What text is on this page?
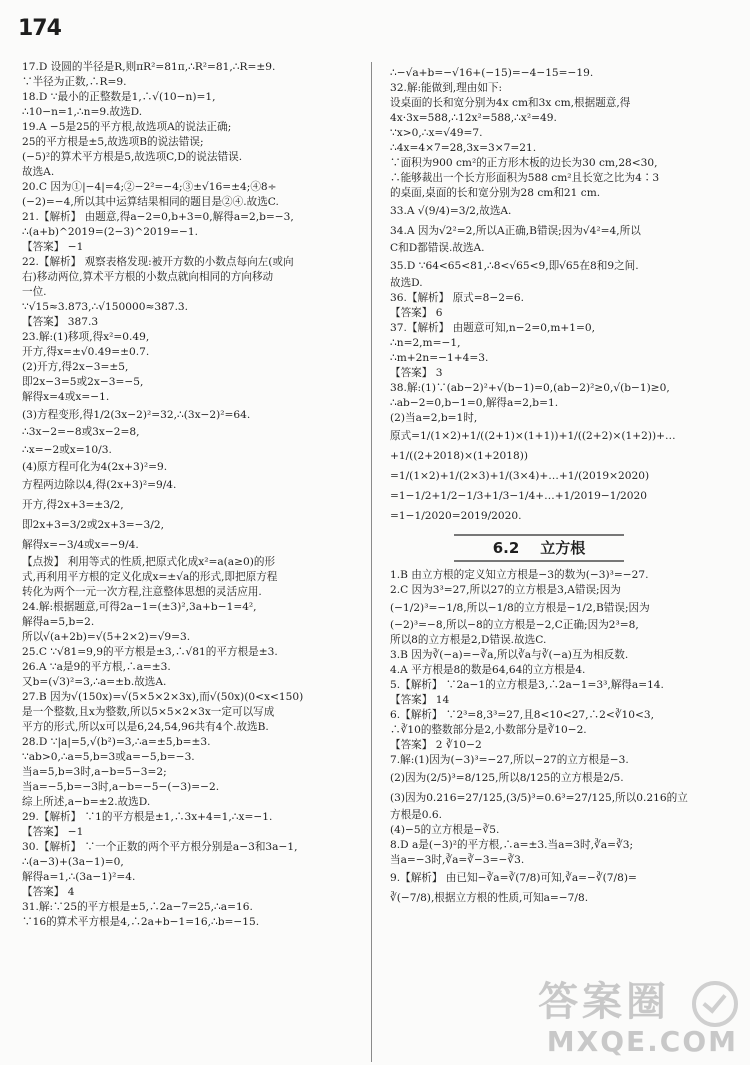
174
17.D 设圆的半径是R,则πR²=81π,∴R²=81,∴R=±9.
∵半径为正数,∴R=9.
18.D ∵最小的正整数是1,∴√(10−n)=1,
∴10−n=1,∴n=9.故选D.
19.A −5是25的平方根,故选项A的说法正确;
25的平方根是±5,故选项B的说法错误;
(−5)²的算术平方根是5,故选项C,D的说法错误.
故选A.
20.C 因为①|−4|=4;②−2²=−4;③±√16=±4;④8÷
(−2)=−4,所以其中运算结果相同的题目是②④.故选C.
21.【解析】 由题意,得a−2=0,b+3=0,解得a=2,b=−3,
∴(a+b)^2019=(2−3)^2019=−1.
【答案】 −1
22.【解析】 观察表格发现:被开方数的小数点每向左(或向
右)移动两位,算术平方根的小数点就向相同的方向移动
一位.
∵√15≈3.873,∴√150000≈387.3.
【答案】 387.3
23.解:(1)移项,得x²=0.49,
开方,得x=±√0.49=±0.7.
(2)开方,得2x−3=±5,
即2x−3=5或2x−3=−5,
解得x=4或x=−1.
(3)方程变形,得1/2(3x−2)²=32,∴(3x−2)²=64.
∴3x−2=−8或3x−2=8,
∴x=−2或x=10/3.
(4)原方程可化为4(2x+3)²=9.
方程两边除以4,得(2x+3)²=9/4.
开方,得2x+3=±3/2,
即2x+3=3/2或2x+3=−3/2,
解得x=−3/4或x=−9/4.
【点拨】 利用等式的性质,把原式化成x²=a(a≥0)的形
式,再利用平方根的定义化成x=±√a的形式,即把原方程
转化为两个一元一次方程,注意整体思想的灵活应用.
24.解:根据题意,可得2a−1=(±3)²,3a+b−1=4²,
解得a=5,b=2.
所以√(a+2b)=√(5+2×2)=√9=3.
25.C ∵√81=9,9的平方根是±3,∴√81的平方根是±3.
26.A ∵a是9的平方根,∴a=±3.
又b=(√3)²=3,∴a=±b.故选A.
27.B 因为√(150x)=√(5×5×2×3x),而√(50x)(0<x<150)
是一个整数,且x为整数,所以5×5×2×3x一定可以写成
平方的形式,所以x可以是6,24,54,96共有4个.故选B.
28.D ∵|a|=5,√(b²)=3,∴a=±5,b=±3.
∵ab>0,∴a=5,b=3或a=−5,b=−3.
当a=5,b=3时,a−b=5−3=2;
当a=−5,b=−3时,a−b=−5−(−3)=−2.
综上所述,a−b=±2.故选D.
29.【解析】 ∵1的平方根是±1,∴3x+4=1,∴x=−1.
【答案】 −1
30.【解析】 ∵一个正数的两个平方根分别是a−3和3a−1,
∴(a−3)+(3a−1)=0,
解得a=1,∴(3a−1)²=4.
【答案】 4
31.解:∵25的平方根是±5,∴2a−7=25,∴a=16.
∵16的算术平方根是4,∴2a+b−1=16,∴b=−15.
∴−√a+b=−√16+(−15)=−4−15=−19.
32.解:能做到,理由如下:
设桌面的长和宽分别为4x cm和3x cm,根据题意,得
4x·3x=588,∴12x²=588,∴x²=49.
∵x>0,∴x=√49=7.
∴4x=4×7=28,3x=3×7=21.
∵面积为900 cm²的正方形木板的边长为30 cm,28<30,
∴能够裁出一个长方形面积为588 cm²且长宽之比为4∶3
的桌面,桌面的长和宽分别为28 cm和21 cm.
33.A √(9/4)=3/2,故选A.
34.A 因为√2²=2,所以A正确,B错误;因为√4²=4,所以
C和D都错误.故选A.
35.D ∵64<65<81,∴8<√65<9,即√65在8和9之间.
故选D.
36.【解析】 原式=8−2=6.
【答案】 6
37.【解析】 由题意可知,n−2=0,m+1=0,
∴n=2,m=−1,
∴m+2n=−1+4=3.
【答案】 3
38.解:(1)∵(ab−2)²+√(b−1)=0,(ab−2)²≥0,√(b−1)≥0,
∴ab−2=0,b−1=0,解得a=2,b=1.
(2)当a=2,b=1时,
原式=1/(1×2)+1/((2+1)×(1+1))+1/((2+2)×(1+2))+…
+1/((2+2018)×(1+2018))
=1/(1×2)+1/(2×3)+1/(3×4)+…+1/(2019×2020)
=1−1/2+1/2−1/3+1/3−1/4+…+1/2019−1/2020
=1−1/2020=2019/2020.
6.2 立方根
1.B 由立方根的定义知立方根是−3的数为(−3)³=−27.
2.C 因为3³=27,所以27的立方根是3,A错误;因为
(−1/2)³=−1/8,所以−1/8的立方根是−1/2,B错误;因为
(−2)³=−8,所以−8的立方根是−2,C正确;因为2³=8,
所以8的立方根是2,D错误.故选C.
3.B 因为∛(−a)=−∛a,所以∛a与∛(−a)互为相反数.
4.A 平方根是8的数是64,64的立方根是4.
5.【解析】 ∵2a−1的立方根是3,∴2a−1=3³,解得a=14.
【答案】 14
6.【解析】 ∵2³=8,3³=27,且8<10<27,∴2<∛10<3,
∴∛10的整数部分是2,小数部分是∛10−2.
【答案】 2 ∛10−2
7.解:(1)因为(−3)³=−27,所以−27的立方根是−3.
(2)因为(2/5)³=8/125,所以8/125的立方根是2/5.
(3)因为0.216=27/125,(3/5)³=0.6³=27/125,所以0.216的立
方根是0.6.
(4)−5的立方根是−∛5.
8.D a是(−3)²的平方根,∴a=±3.当a=3时,∛a=∛3;
当a=−3时,∛a=∛−3=−∛3.
9.【解析】 由已知−∛a=∛(7/8)可知,∛a=−∛(7/8)=
∛(−7/8),根据立方根的性质,可知a=−7/8.
答案圈
MXQE.COM
